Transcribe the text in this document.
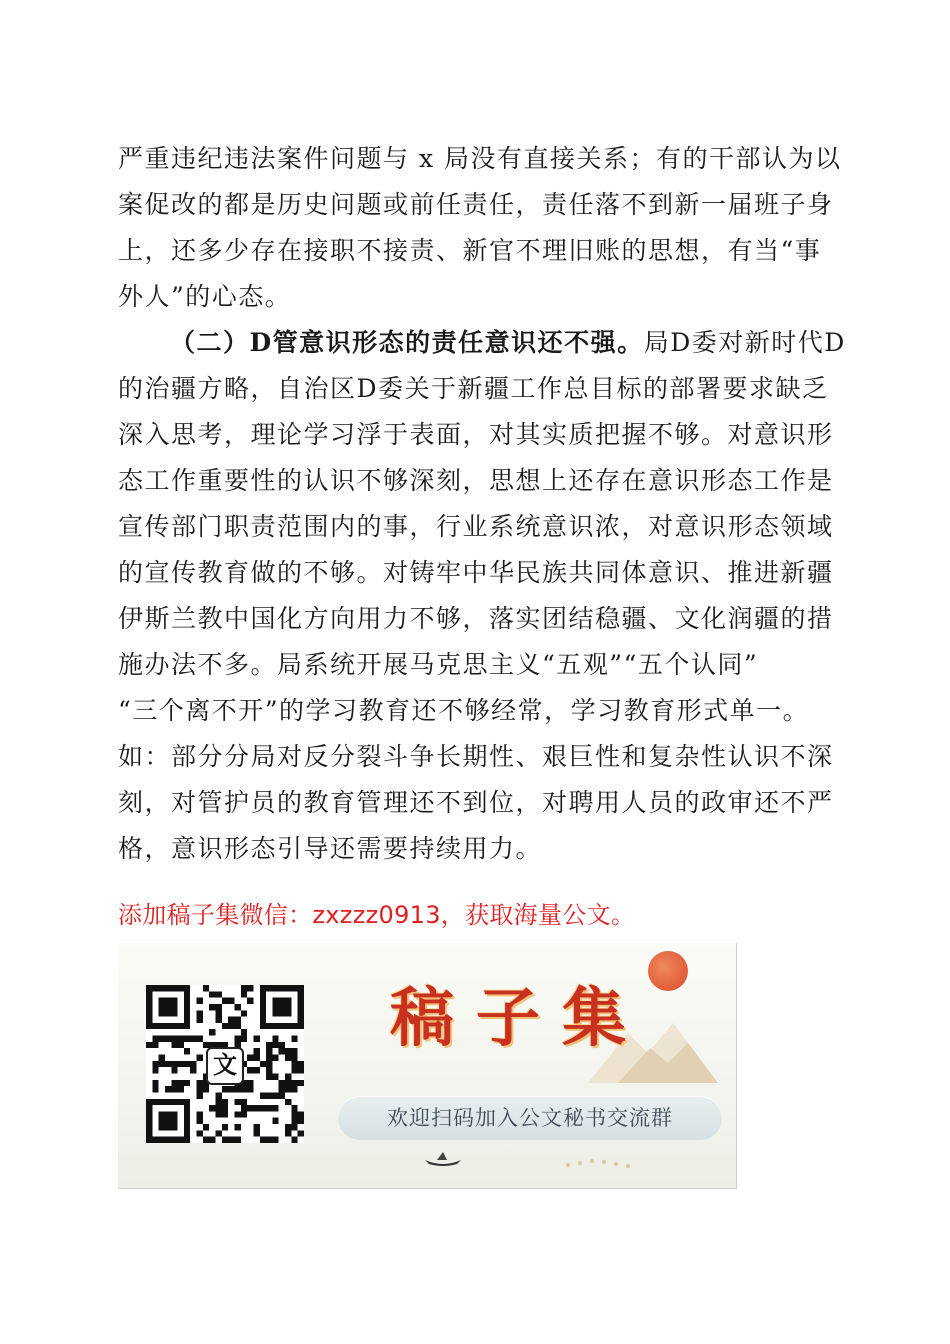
严重违纪违法案件问题与 x 局没有直接关系；有的干部认为以
案促改的都是历史问题或前任责任，责任落不到新一届班子身
上，还多少存在接职不接责、新官不理旧账的思想，有当“事
外人”的心态。
（二）D管意识形态的责任意识还不强。局D委对新时代D
的治疆方略，自治区D委关于新疆工作总目标的部署要求缺乏
深入思考，理论学习浮于表面，对其实质把握不够。对意识形
态工作重要性的认识不够深刻，思想上还存在意识形态工作是
宣传部门职责范围内的事，行业系统意识浓，对意识形态领域
的宣传教育做的不够。对铸牢中华民族共同体意识、推进新疆
伊斯兰教中国化方向用力不够，落实团结稳疆、文化润疆的措
施办法不多。局系统开展马克思主义“五观”“五个认同”
“三个离不开”的学习教育还不够经常，学习教育形式单一。
如：部分分局对反分裂斗争长期性、艰巨性和复杂性认识不深
刻，对管护员的教育管理还不到位，对聘用人员的政审还不严
格，意识形态引导还需要持续用力。
添加稿子集微信：zxzzz0913，获取海量公文。
文
稿子集
欢迎扫码加入公文秘书交流群
